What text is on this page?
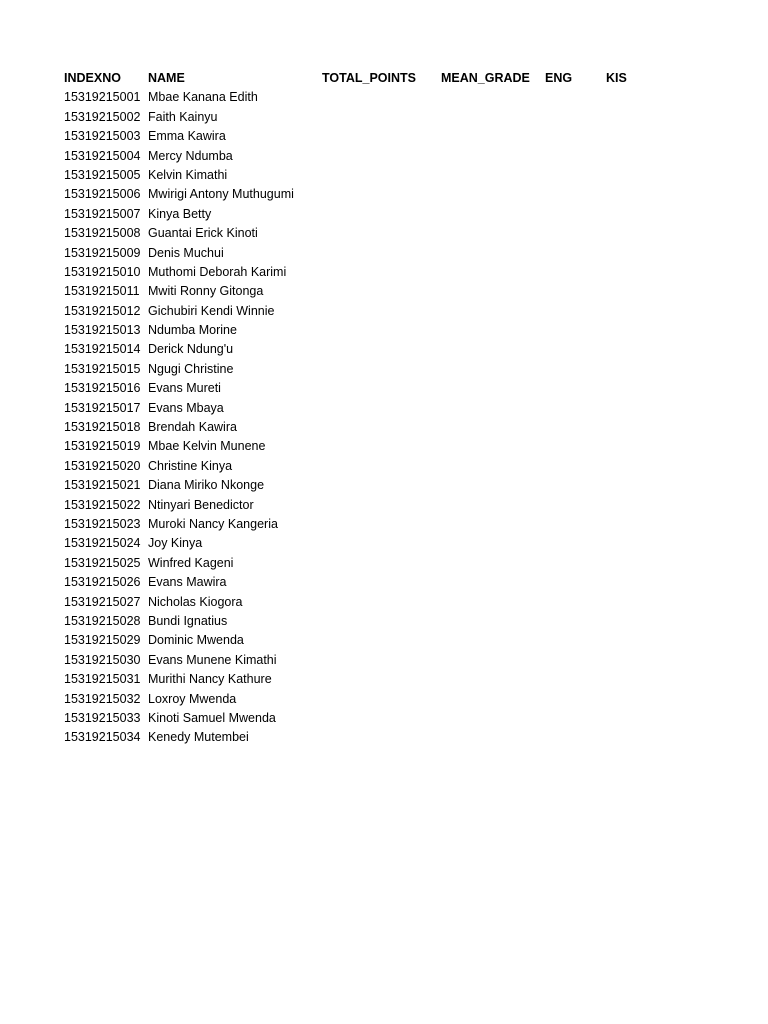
INDEXNO NAME	TOTAL_POINTS MEAN_GRADE ENG	KIS
15319215001 Mbae Kanana Edith
15319215002 Faith Kainyu
15319215003 Emma Kawira
15319215004 Mercy Ndumba
15319215005 Kelvin Kimathi
15319215006 Mwirigi Antony Muthugumi
15319215007 Kinya Betty
15319215008 Guantai Erick Kinoti
15319215009 Denis Muchui
15319215010 Muthomi Deborah Karimi
15319215011 Mwiti Ronny Gitonga
15319215012 Gichubiri Kendi Winnie
15319215013 Ndumba Morine
15319215014 Derick Ndung'u
15319215015 Ngugi Christine
15319215016 Evans Mureti
15319215017 Evans Mbaya
15319215018 Brendah Kawira
15319215019 Mbae Kelvin Munene
15319215020 Christine Kinya
15319215021 Diana Miriko Nkonge
15319215022 Ntinyari Benedictor
15319215023 Muroki Nancy Kangeria
15319215024 Joy Kinya
15319215025 Winfred Kageni
15319215026 Evans Mawira
15319215027 Nicholas Kiogora
15319215028 Bundi Ignatius
15319215029 Dominic Mwenda
15319215030 Evans Munene Kimathi
15319215031 Murithi Nancy Kathure
15319215032 Loxroy Mwenda
15319215033 Kinoti Samuel Mwenda
15319215034 Kenedy Mutembei
